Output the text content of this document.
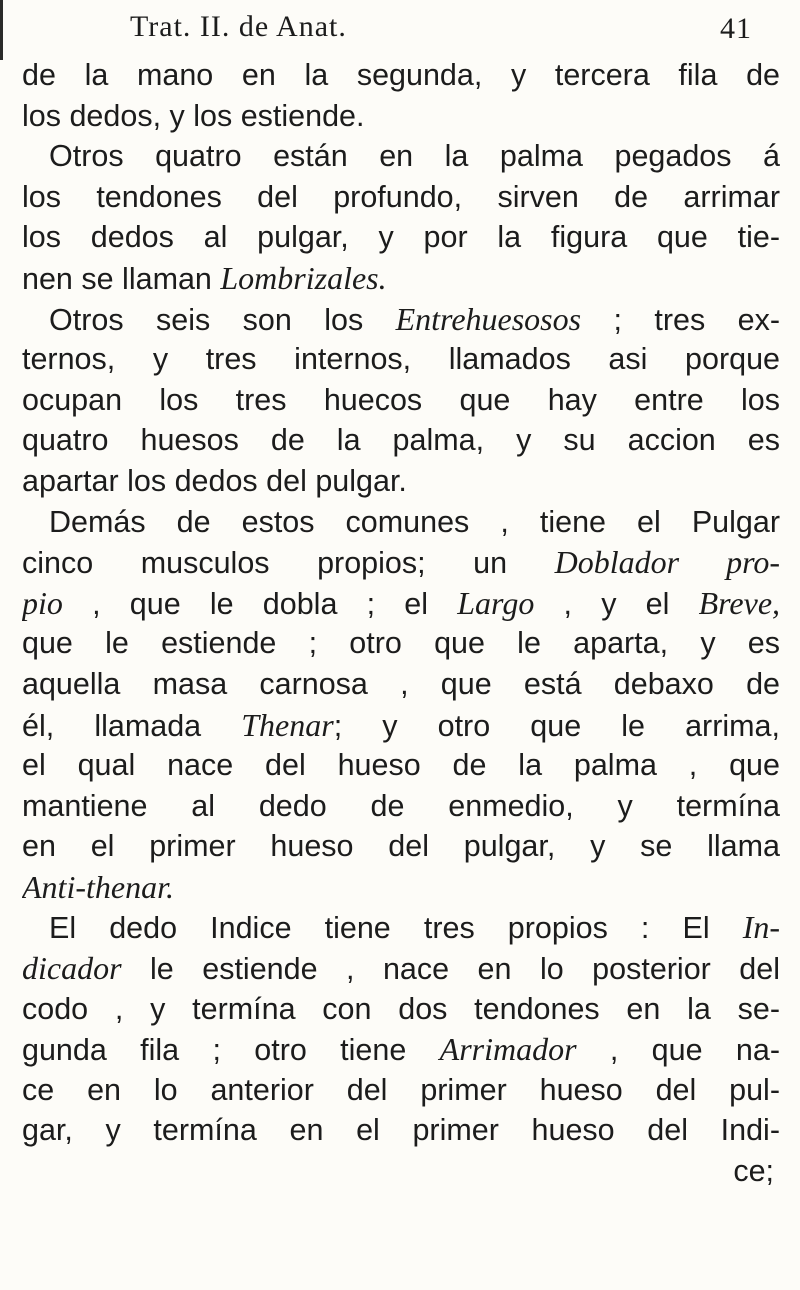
Trat. II. de Anat.	41
de la mano en la segunda, y tercera fila de
los dedos, y los estiende.
Otros quatro están en la palma pegados á
los tendones del profundo, sirven de arrimar
los dedos al pulgar, y por la figura que tie-
nen se llaman Lombrizales.
Otros seis son los Entrehuesosos ; tres ex-
ternos, y tres internos, llamados asi porque
ocupan los tres huecos que hay entre los
quatro huesos de la palma, y su accion es
apartar los dedos del pulgar.
Demás de estos comunes , tiene el Pulgar
cinco musculos propios; un Doblador pro-
pio , que le dobla ; el Largo , y el Breve,
que le estiende ; otro que le aparta, y es
aquella masa carnosa , que está debaxo de
él, llamada Thenar; y otro que le arrima,
el qual nace del hueso de la palma , que
mantiene al dedo de enmedio, y termína
en el primer hueso del pulgar, y se llama
Anti-thenar.
El dedo Indice tiene tres propios : El In-
dicador le estiende , nace en lo posterior del
codo , y termína con dos tendones en la se-
gunda fila ; otro tiene Arrimador , que na-
ce en lo anterior del primer hueso del pul-
gar, y termína en el primer hueso del Indi-
ce;
